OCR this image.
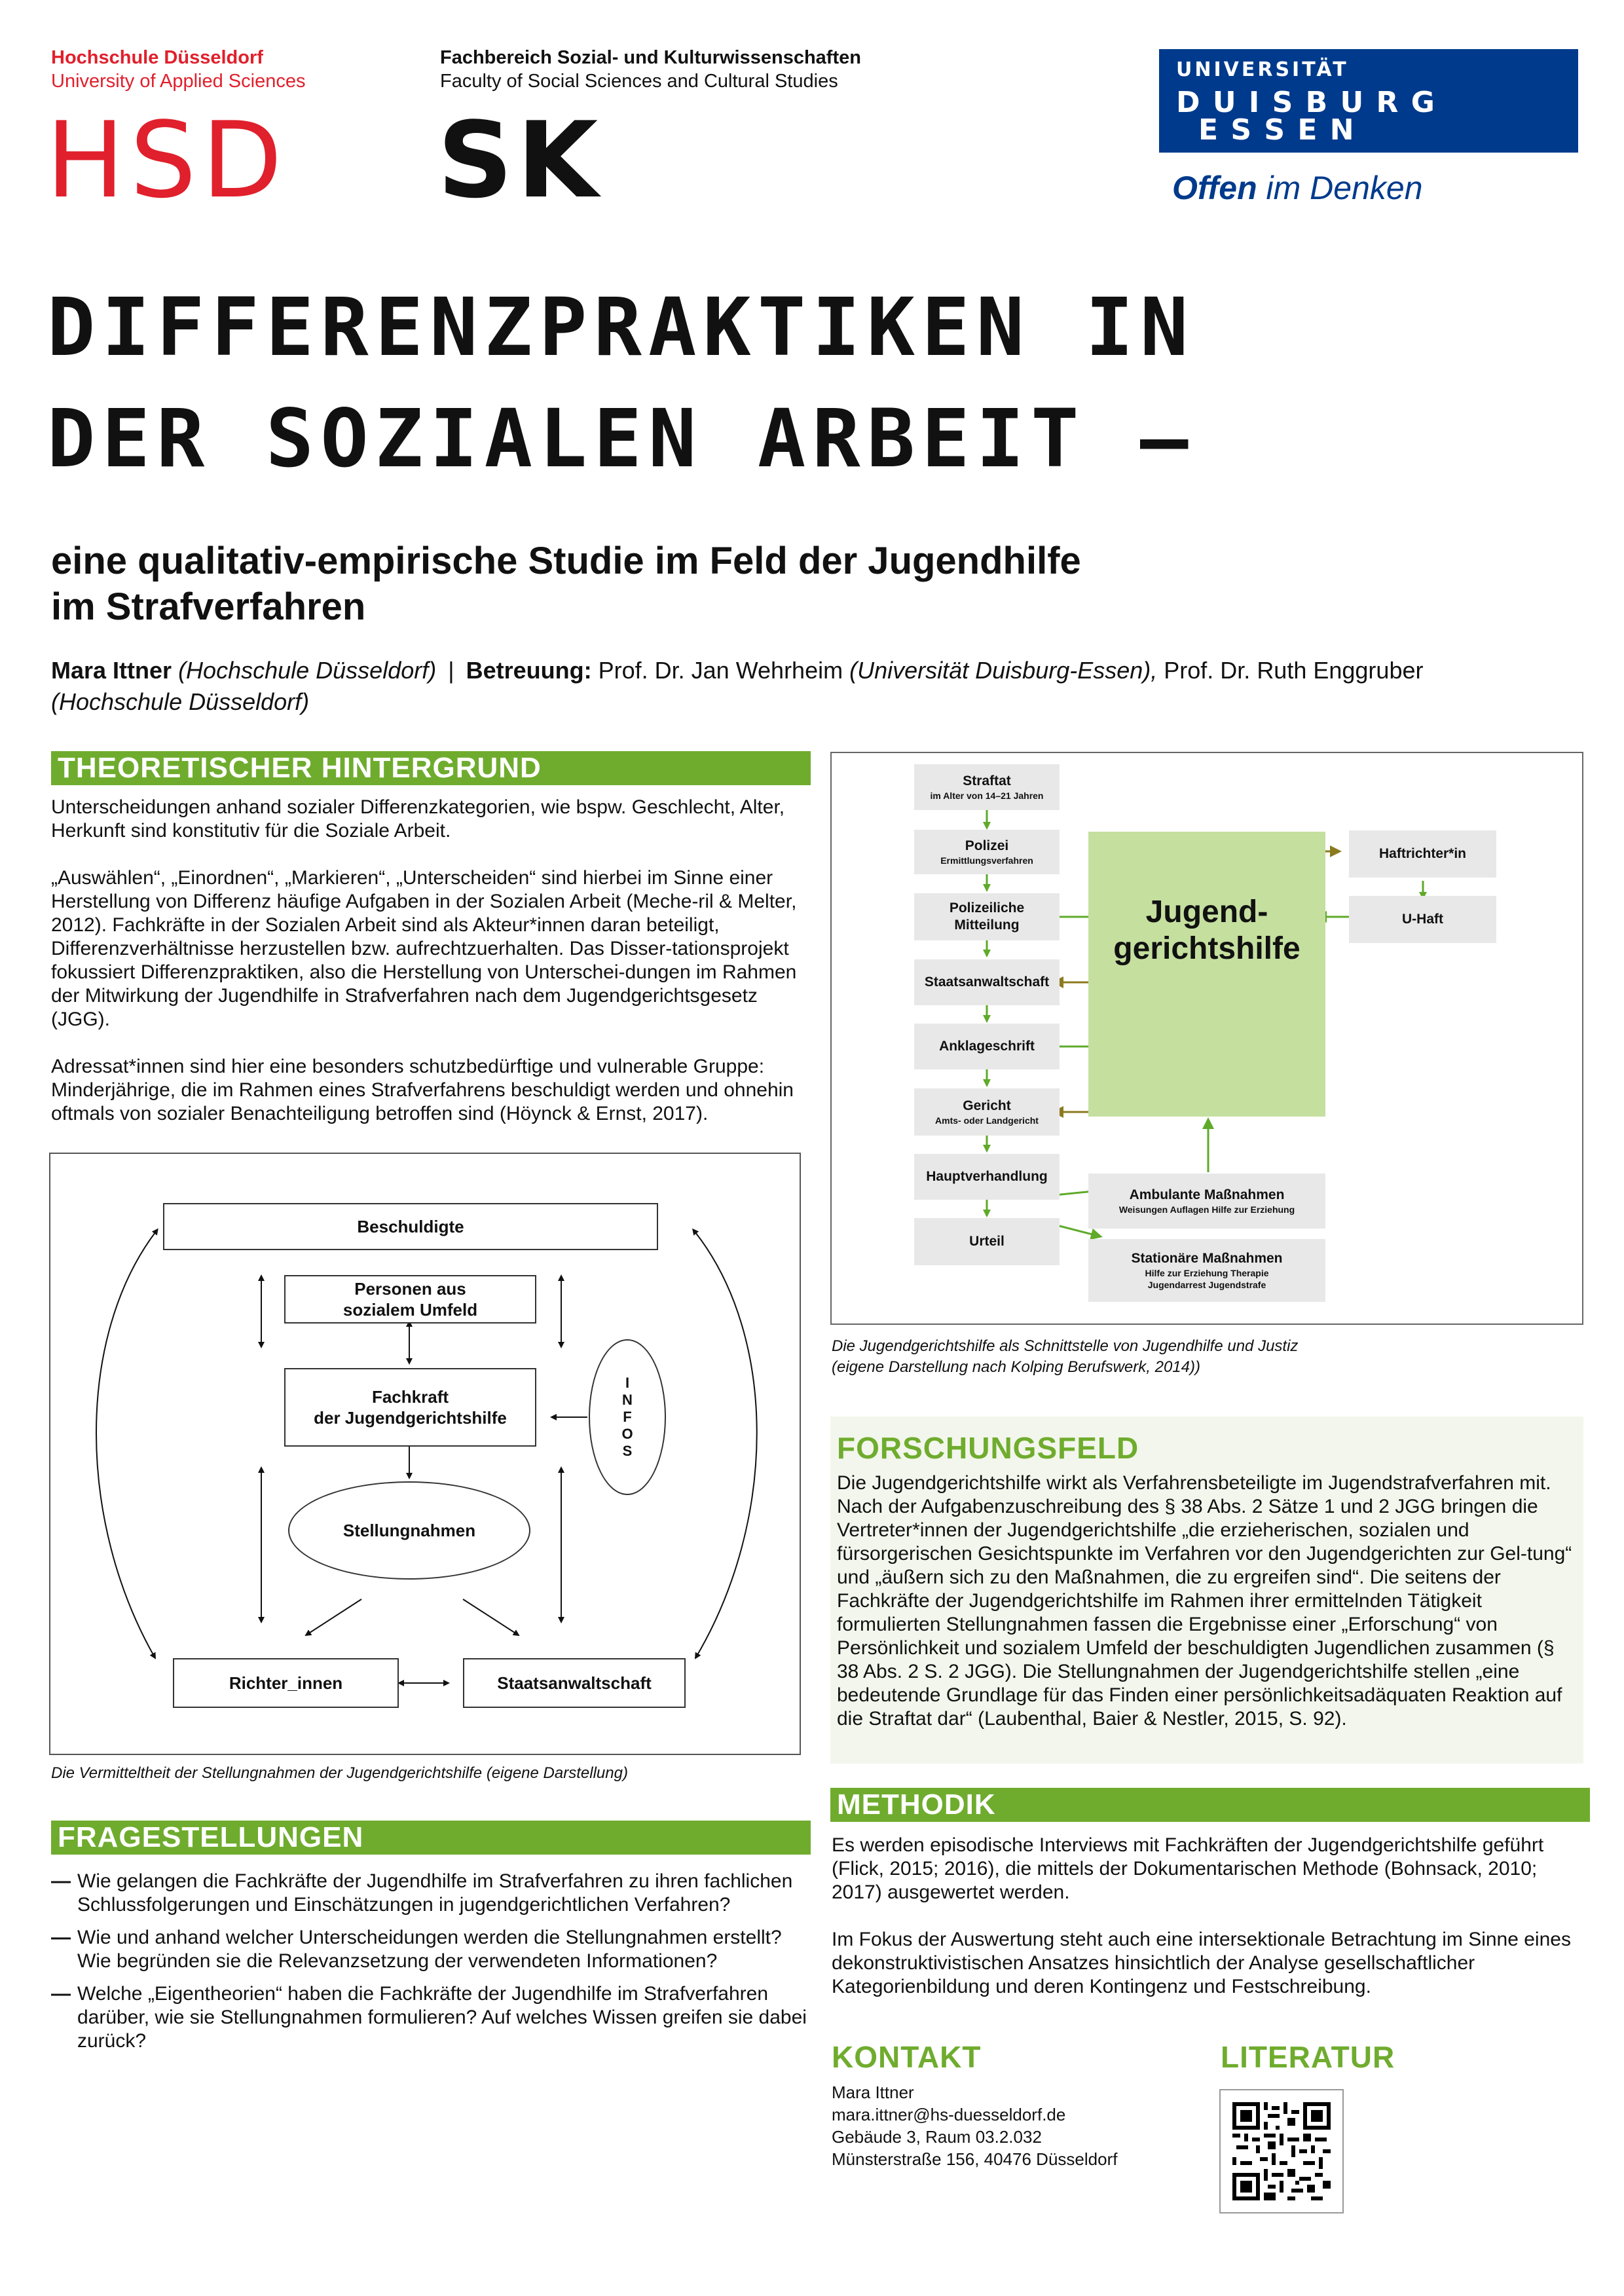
Hochschule Düsseldorf
University of Applied Sciences
HSD
Fachbereich Sozial- und Kulturwissenschaften
Faculty of Social Sciences and Cultural Studies
SK
UNIVERSITÄT
D U I S B U R G
E S S E N
Offen im Denken
DIFFERENZPRAKTIKEN IN
DER SOZIALEN ARBEIT –
eine qualitativ-empirische Studie im Feld der Jugendhilfe
im Strafverfahren
Mara Ittner (Hochschule Düsseldorf) | Betreuung: Prof. Dr. Jan Wehrheim (Universität Duisburg-Essen), Prof. Dr. Ruth Enggruber
(Hochschule Düsseldorf)
THEORETISCHER HINTERGRUND
Unterscheidungen anhand sozialer Differenzkategorien, wie bspw. Geschlecht, Alter, Herkunft sind konstitutiv für die Soziale Arbeit.
„Auswählen“, „Einordnen“, „Markieren“, „Unterscheiden“ sind hierbei im Sinne einer Herstellung von Differenz häufige Aufgaben in der Sozialen Arbeit (Meche-ril & Melter, 2012). Fachkräfte in der Sozialen Arbeit sind als Akteur*innen daran beteiligt, Differenzverhältnisse herzustellen bzw. aufrechtzuerhalten. Das Disser-tationsprojekt fokussiert Differenzpraktiken, also die Herstellung von Unterschei-dungen im Rahmen der Mitwirkung der Jugendhilfe in Strafverfahren nach dem Jugendgerichtsgesetz (JGG).
Adressat*innen sind hier eine besonders schutzbedürftige und vulnerable Gruppe: Minderjährige, die im Rahmen eines Strafverfahrens beschuldigt werden und ohnehin oftmals von sozialer Benachteiligung betroffen sind (Höynck & Ernst, 2017).
Beschuldigte
Personen aus
sozialem Umfeld
Fachkraft
der Jugendgerichtshilfe
I
N
F
O
S
Stellungnahmen
Richter_innen	Staatsanwaltschaft
Die Vermitteltheit der Stellungnahmen der Jugendgerichtshilfe (eigene Darstellung)
FRAGESTELLUNGEN
— Wie gelangen die Fachkräfte der Jugendhilfe im Strafverfahren zu ihren fachlichen Schlussfolgerungen und Einschätzungen in jugendgerichtlichen Verfahren?
— Wie und anhand welcher Unterscheidungen werden die Stellungnahmen erstellt? Wie begründen sie die Relevanzsetzung der verwendeten Informationen?
— Welche „Eigentheorien“ haben die Fachkräfte der Jugendhilfe im Strafverfahren darüber, wie sie Stellungnahmen formulieren? Auf welches Wissen greifen sie dabei zurück?
Straftat
im Alter von 14–21 Jahren
Polizei
Ermittlungsverfahren
Polizeiliche
Mitteilung
Staatsanwaltschaft
Anklageschrift
Gericht
Amts- oder Landgericht
Hauptverhandlung
Urteil
Jugend-
gerichtshilfe
Haftrichter*in
U-Haft
Ambulante Maßnahmen
Weisungen Auflagen Hilfe zur Erziehung
Stationäre Maßnahmen
Hilfe zur Erziehung Therapie
Jugendarrest Jugendstrafe
Die Jugendgerichtshilfe als Schnittstelle von Jugendhilfe und Justiz
(eigene Darstellung nach Kolping Berufswerk, 2014))
FORSCHUNGSFELD
Die Jugendgerichtshilfe wirkt als Verfahrensbeteiligte im Jugendstrafverfahren mit. Nach der Aufgabenzuschreibung des § 38 Abs. 2 Sätze 1 und 2 JGG bringen die Vertreter*innen der Jugendgerichtshilfe „die erzieherischen, sozialen und fürsorgerischen Gesichtspunkte im Verfahren vor den Jugendgerichten zur Gel-tung“ und „äußern sich zu den Maßnahmen, die zu ergreifen sind“. Die seitens der Fachkräfte der Jugendgerichtshilfe im Rahmen ihrer ermittelnden Tätigkeit formulierten Stellungnahmen fassen die Ergebnisse einer „Erforschung“ von Persönlichkeit und sozialem Umfeld der beschuldigten Jugendlichen zusammen (§ 38 Abs. 2 S. 2 JGG). Die Stellungnahmen der Jugendgerichtshilfe stellen „eine bedeutende Grundlage für das Finden einer persönlichkeitsadäquaten Reaktion auf die Straftat dar“ (Laubenthal, Baier & Nestler, 2015, S. 92).
METHODIK
Es werden episodische Interviews mit Fachkräften der Jugendgerichtshilfe geführt (Flick, 2015; 2016), die mittels der Dokumentarischen Methode (Bohnsack, 2010; 2017) ausgewertet werden.
Im Fokus der Auswertung steht auch eine intersektionale Betrachtung im Sinne eines dekonstruktivistischen Ansatzes hinsichtlich der Analyse gesellschaftlicher Kategorienbildung und deren Kontingenz und Festschreibung.
KONTAKT
Mara Ittner
mara.ittner@hs-duesseldorf.de
Gebäude 3, Raum 03.2.032
Münsterstraße 156, 40476 Düsseldorf
LITERATUR
